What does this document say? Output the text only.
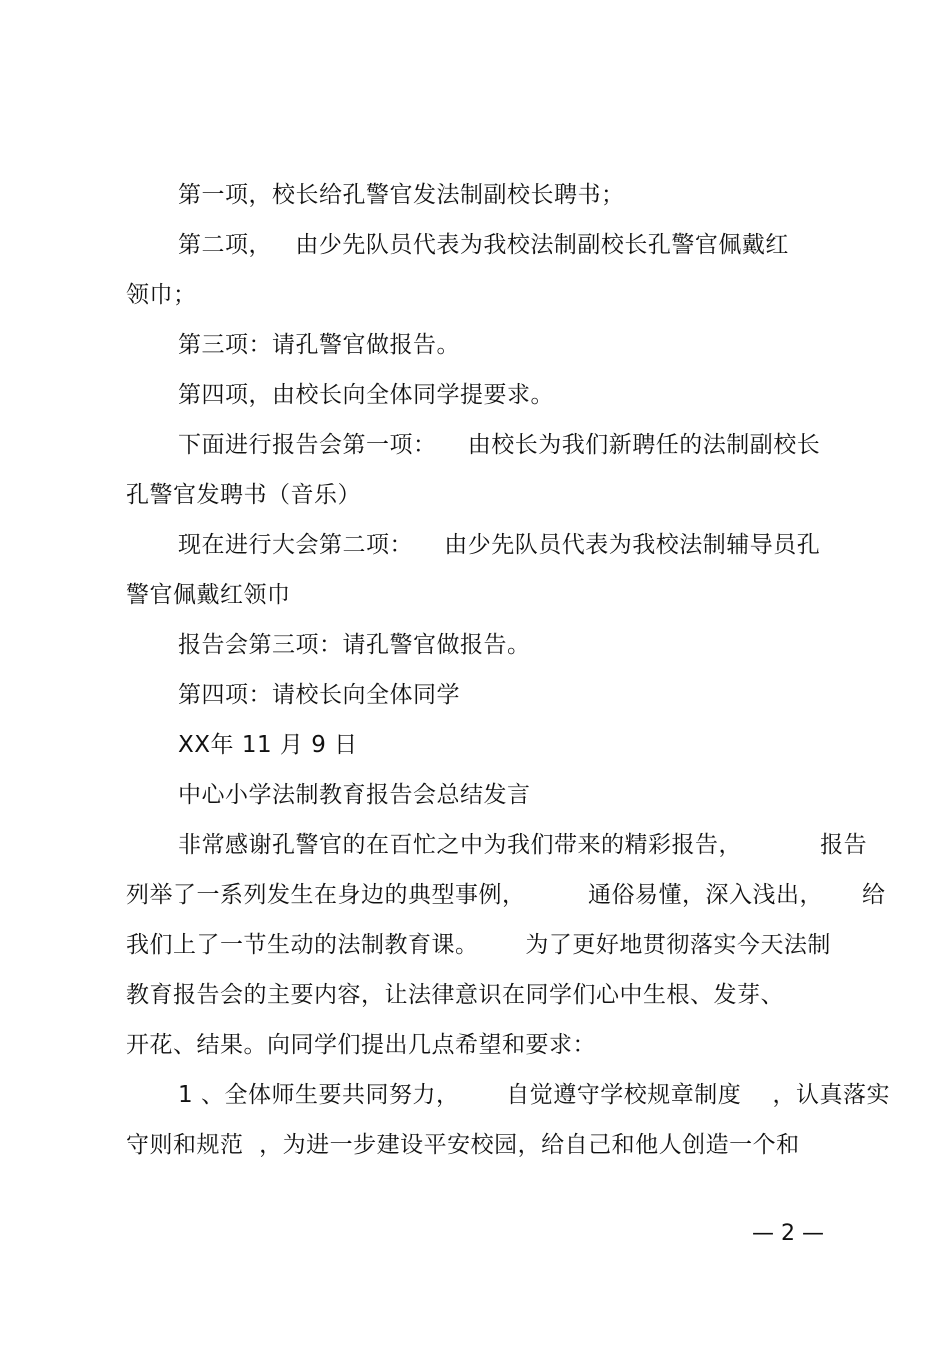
第一项，校长给孔警官发法制副校长聘书；
第二项，   由少先队员代表为我校法制副校长孔警官佩戴红
领巾；
第三项：请孔警官做报告。
第四项，由校长向全体同学提要求。
下面进行报告会第一项：    由校长为我们新聘任的法制副校长
孔警官发聘书（音乐）
现在进行大会第二项：    由少先队员代表为我校法制辅导员孔
警官佩戴红领巾
报告会第三项：请孔警官做报告。
第四项：请校长向全体同学
XX年 11 月 9 日
中心小学法制教育报告会总结发言
非常感谢孔警官的在百忙之中为我们带来的精彩报告，          报告
列举了一系列发生在身边的典型事例，        通俗易懂，深入浅出，     给
我们上了一节生动的法制教育课。      为了更好地贯彻落实今天法制
教育报告会的主要内容，让法律意识在同学们心中生根、发芽、
开花、结果。向同学们提出几点希望和要求：
1 、全体师生要共同努力，      自觉遵守学校规章制度    ，认真落实
守则和规范  ，为进一步建设平安校园，给自己和他人创造一个和
— 2 —
